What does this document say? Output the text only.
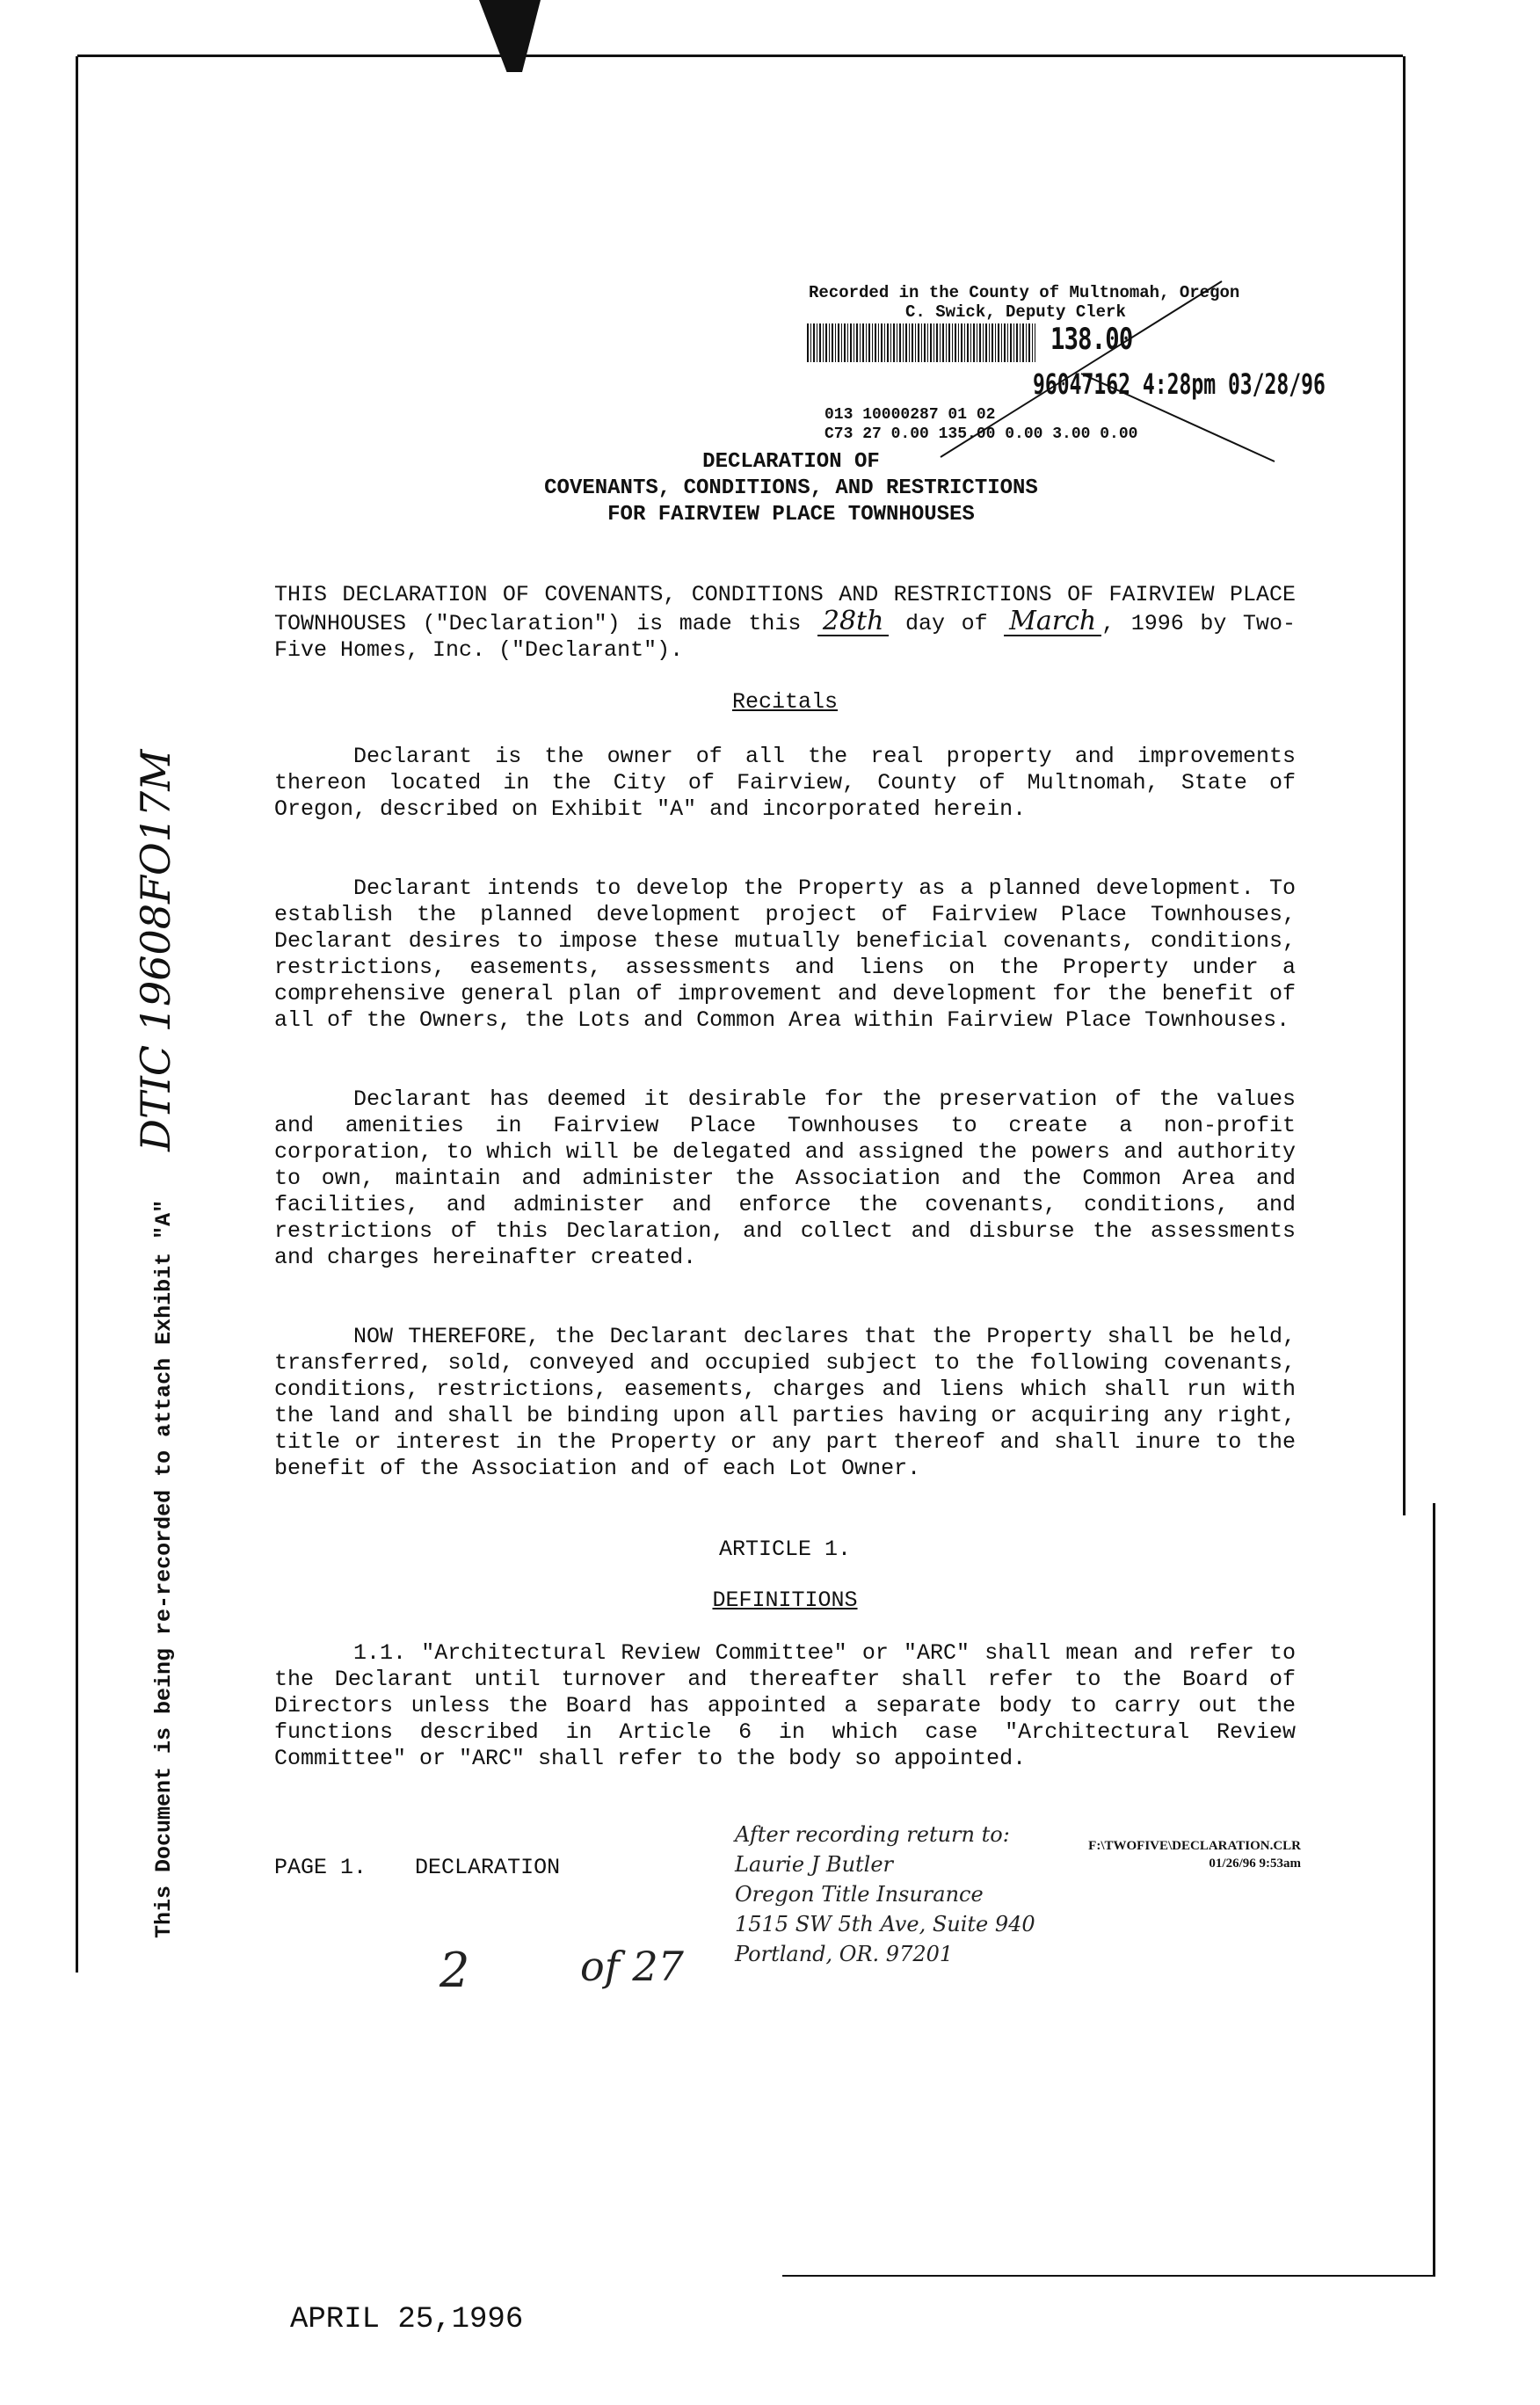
Recorded in the County of Multnomah, Oregon
C. Swick, Deputy Clerk
138.00
96047162 4:28pm 03/28/96
013 10000287 01 02
C73 27 0.00 135.00 0.00 3.00 0.00
DECLARATION OF
COVENANTS, CONDITIONS, AND RESTRICTIONS
FOR FAIRVIEW PLACE TOWNHOUSES

THIS DECLARATION OF COVENANTS, CONDITIONS AND RESTRICTIONS OF FAIRVIEW PLACE TOWNHOUSES ("Declaration") is made this 28th day of March , 1996 by Two-Five Homes, Inc. ("Declarant").

Recitals

Declarant is the owner of all the real property and improvements thereon located in the City of Fairview, County of Multnomah, State of Oregon, described on Exhibit "A" and incorporated herein.

Declarant intends to develop the Property as a planned development. To establish the planned development project of Fairview Place Townhouses, Declarant desires to impose these mutually beneficial covenants, conditions, restrictions, easements, assessments and liens on the Property under a comprehensive general plan of improvement and development for the benefit of all of the Owners, the Lots and Common Area within Fairview Place Townhouses.

Declarant has deemed it desirable for the preservation of the values and amenities in Fairview Place Townhouses to create a non-profit corporation, to which will be delegated and assigned the powers and authority to own, maintain and administer the Association and the Common Area and facilities, and administer and enforce the covenants, conditions, and restrictions of this Declaration, and collect and disburse the assessments and charges hereinafter created.

NOW THEREFORE, the Declarant declares that the Property shall be held, transferred, sold, conveyed and occupied subject to the following covenants, conditions, restrictions, easements, charges and liens which shall run with the land and shall be binding upon all parties having or acquiring any right, title or interest in the Property or any part thereof and shall inure to the benefit of the Association and of each Lot Owner.

ARTICLE 1.
DEFINITIONS

1.1. "Architectural Review Committee" or "ARC" shall mean and refer to the Declarant until turnover and thereafter shall refer to the Board of Directors unless the Board has appointed a separate body to carry out the functions described in Article 6 in which case "Architectural Review Committee" or "ARC" shall refer to the body so appointed.

PAGE 1. DECLARATION
F:\TWOFIVE\DECLARATION.CLR
01/26/96 9:53am
After recording return to:
Laurie J Butler
Oregon Title Insurance
1515 SW 5th Ave, Suite 940
Portland, OR. 97201
2	of 27
APRIL 25,1996
This Document is being re-recorded to attach Exhibit "A" DTIC 19608FO17M
